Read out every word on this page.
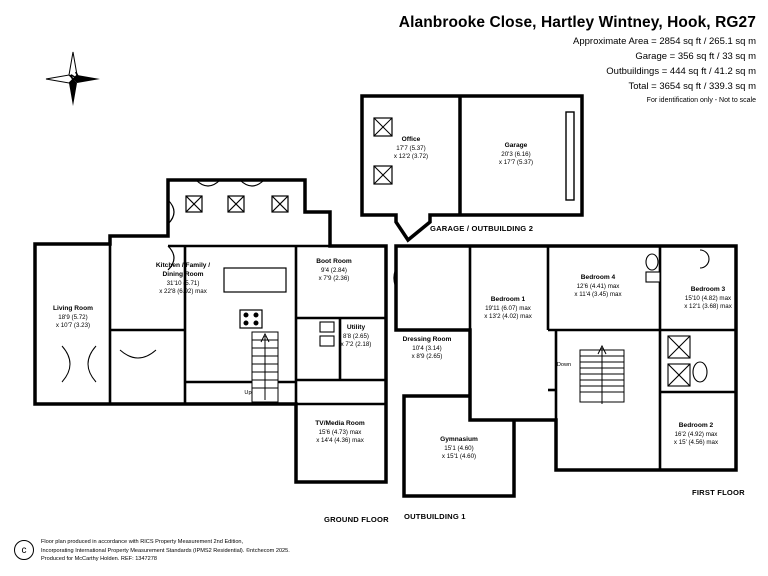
Alanbrooke Close, Hartley Wintney, Hook, RG27
Approximate Area = 2854 sq ft / 265.1 sq m
Garage = 356 sq ft / 33 sq m
Outbuildings = 444 sq ft / 41.2 sq m
Total = 3654 sq ft / 339.3 sq m
For identification only - Not to scale
N
GARAGE / OUTBUILDING 2
GROUND FLOOR OUTBUILDING 1
FIRST FLOOR
Office
17'7 (5.37)
x 12'2 (3.72)
Garage
20'3 (6.16)
x 17'7 (5.37)
Living Room
18'9 (5.72)
x 10'7 (3.23)
Kitchen / Family /
Dining Room
31'10 (5.71)
x 22'8 (6.92) max
Boot Room
9'4 (2.84)
x 7'9 (2.36)
Utility
8'8 (2.65)
x 7'2 (2.18)
Dressing Room
10'4 (3.14)
x 8'9 (2.65)
TV/Media Room
15'6 (4.73) max
x 14'4 (4.36) max	Gymnasium
15'1 (4.60)
x 15'1 (4.60)
Bedroom 1
19'11 (6.07) max
x 13'2 (4.02) max
Bedroom 4
12'6 (4.41) max
x 11'4 (3.45) max
Bedroom 3
15'10 (4.82) max
x 12'1 (3.68) max
Bedroom 2
16'2 (4.92) max
x 15' (4.56) max
Down
Up
c
Floor plan produced in accordance with RICS Property Measurement 2nd Edition,
Incorporating International Property Measurement Standards (IPMS2 Residential). ©ntchecom 2025.
Produced for McCarthy Holden. REF: 1347278
